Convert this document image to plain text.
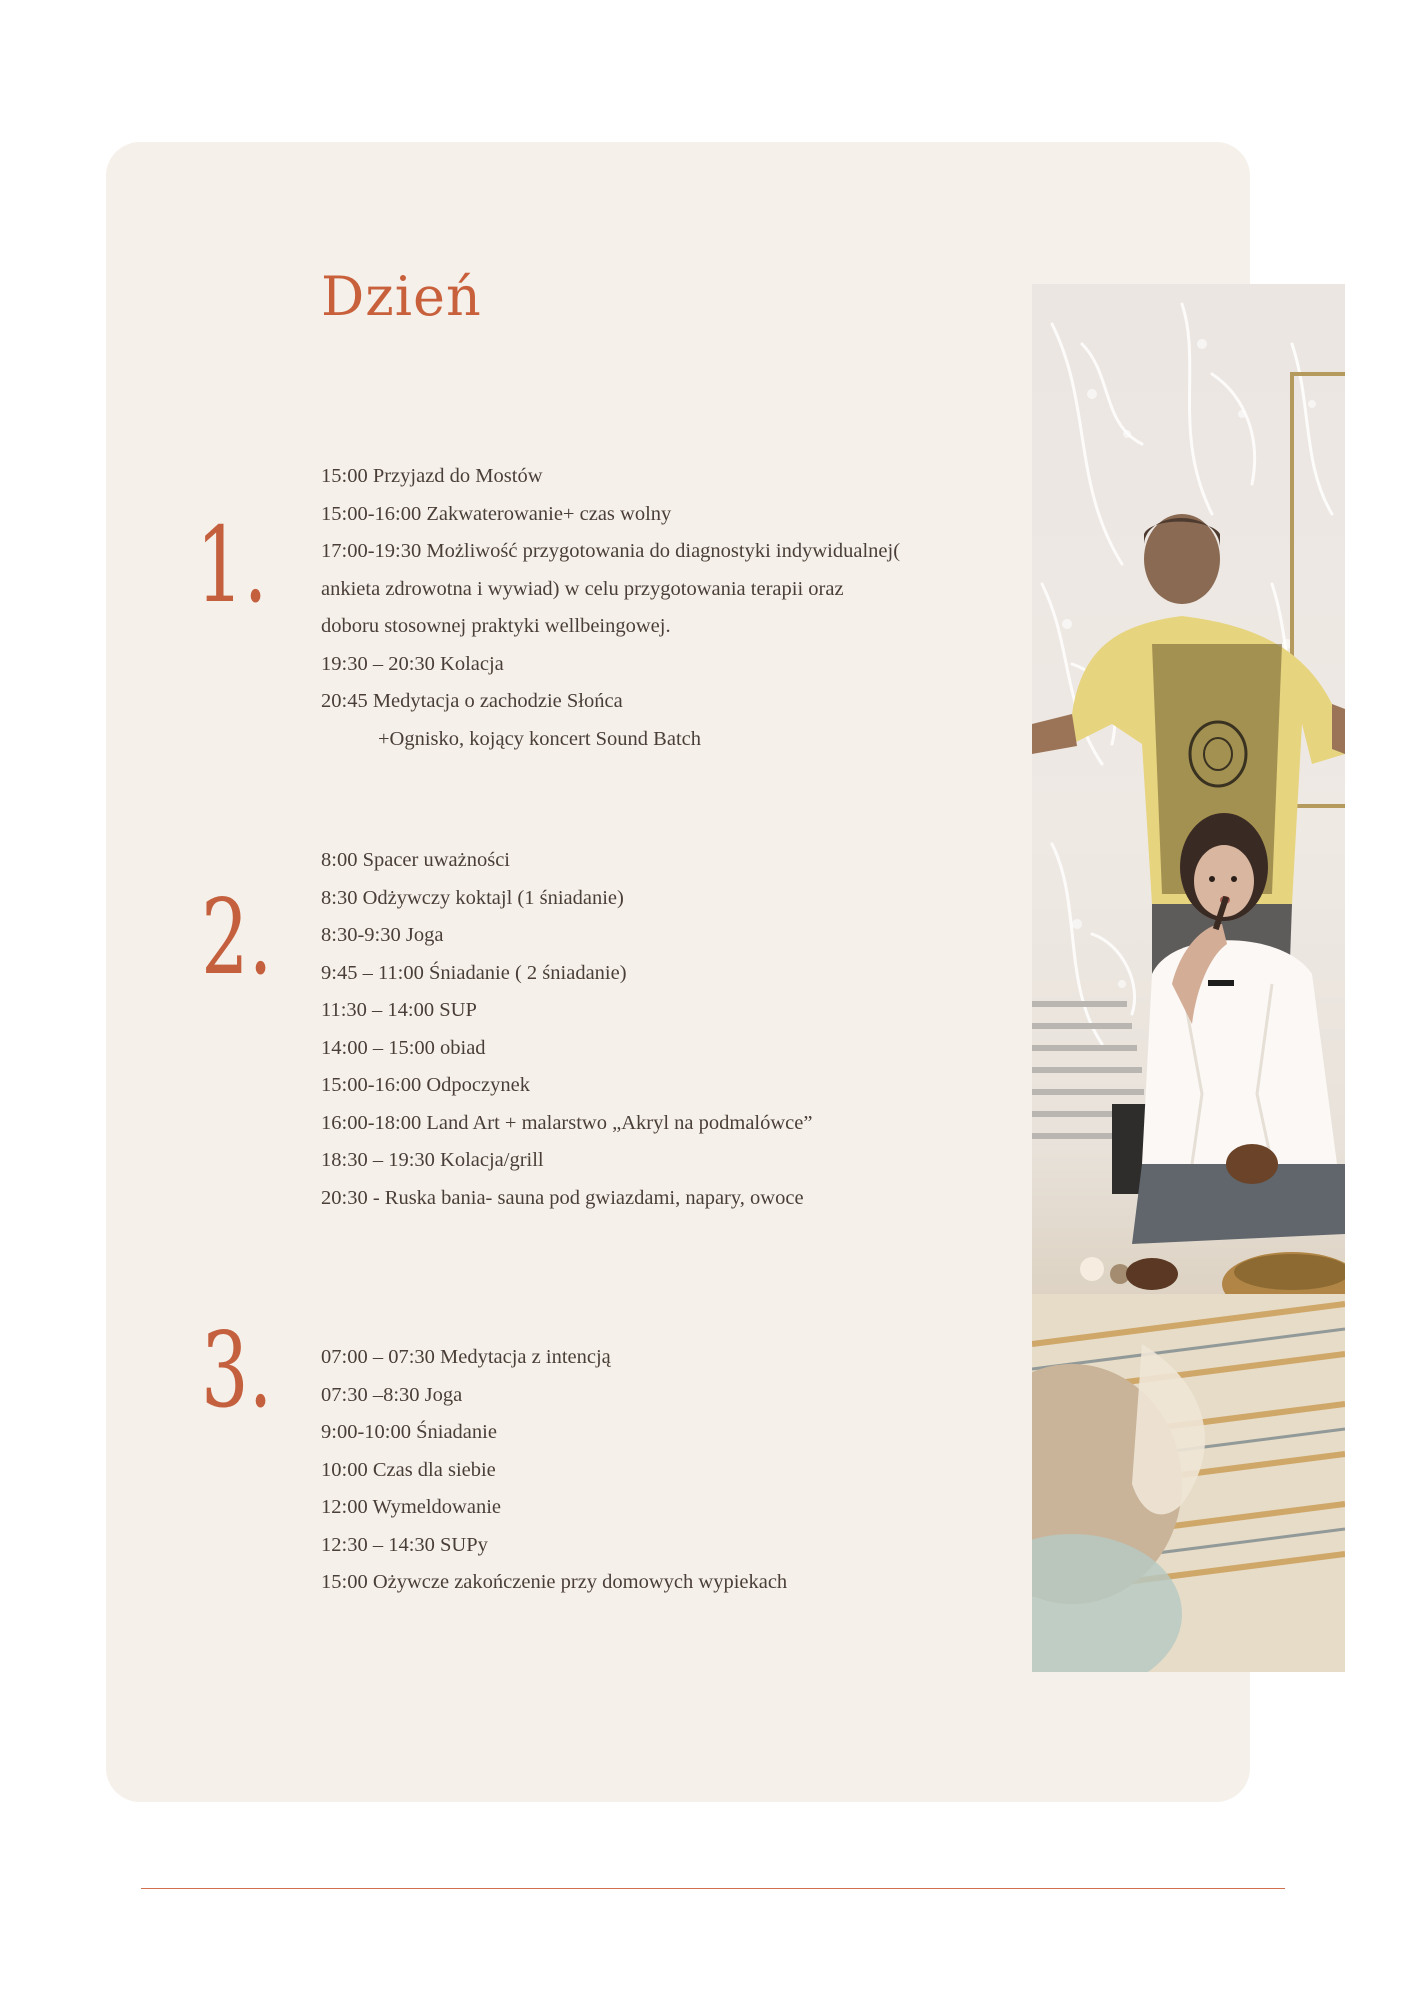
Dzień
1.
15:00 Przyjazd do Mostów
15:00-16:00 Zakwaterowanie+ czas wolny
17:00-19:30 Możliwość przygotowania do diagnostyki indywidualnej(
ankieta zdrowotna i wywiad) w celu przygotowania terapii oraz
doboru stosownej praktyki wellbeingowej.
19:30 – 20:30 Kolacja
20:45 Medytacja o zachodzie Słońca
+Ognisko, kojący koncert Sound Batch
2.
8:00 Spacer uważności
8:30 Odżywczy koktajl (1 śniadanie)
8:30-9:30 Joga
9:45 – 11:00 Śniadanie ( 2 śniadanie)
11:30 – 14:00 SUP
14:00 – 15:00 obiad
15:00-16:00 Odpoczynek
16:00-18:00 Land Art + malarstwo „Akryl na podmalówce”
18:30 – 19:30 Kolacja/grill
20:30 - Ruska bania- sauna pod gwiazdami, napary, owoce
3. 07:00 – 07:30 Medytacja z intencją
07:30 –8:30 Joga
9:00-10:00 Śniadanie
10:00 Czas dla siebie
12:00 Wymeldowanie
12:30 – 14:30 SUPy
15:00 Ożywcze zakończenie przy domowych wypiekach
